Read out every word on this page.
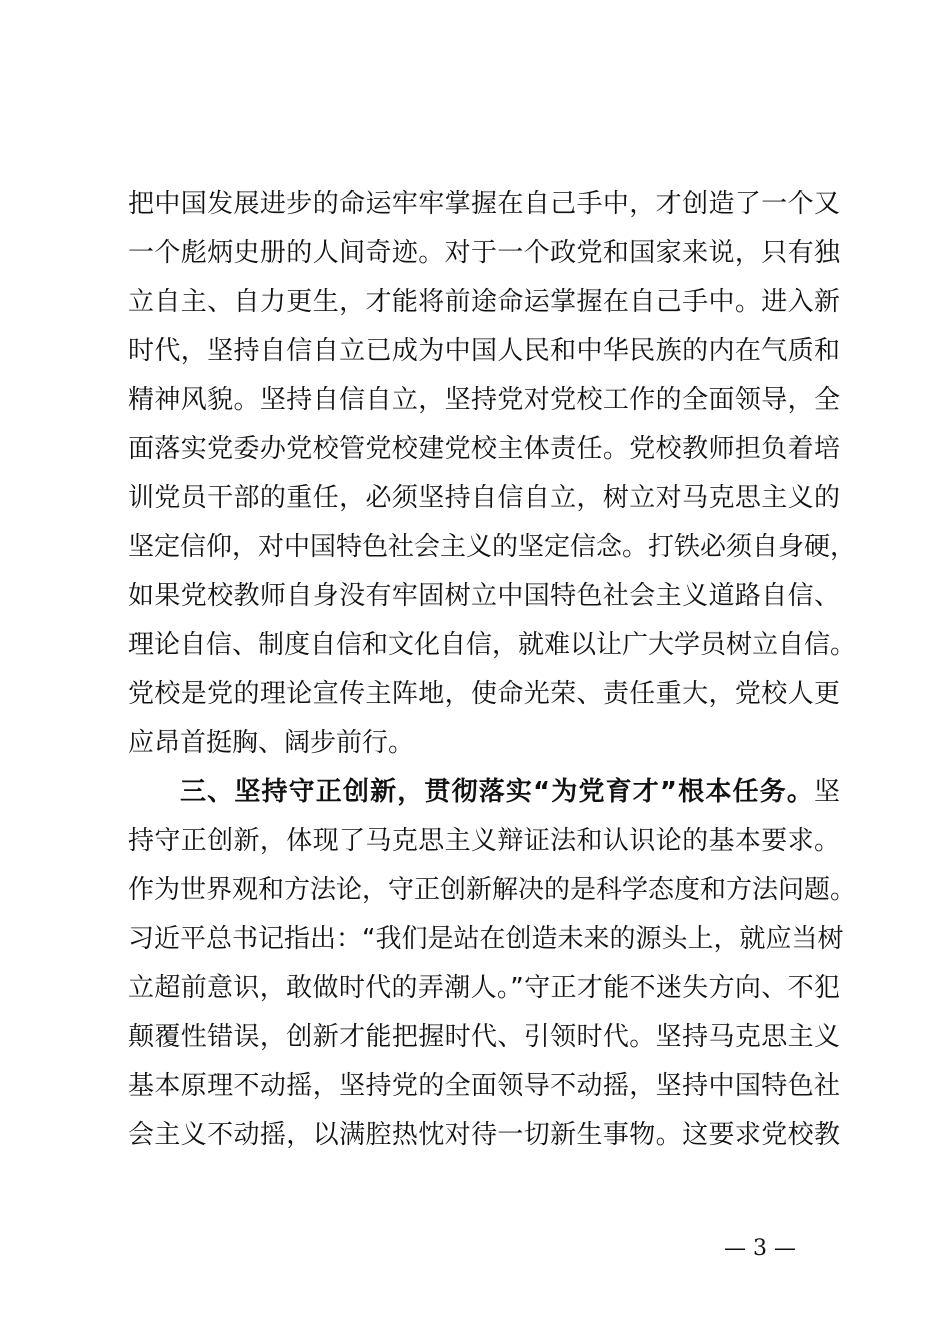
把中国发展进步的命运牢牢掌握在自己手中，才创造了一个又
一个彪炳史册的人间奇迹。对于一个政党和国家来说，只有独
立自主、自力更生，才能将前途命运掌握在自己手中。进入新
时代，坚持自信自立已成为中国人民和中华民族的内在气质和
精神风貌。坚持自信自立，坚持党对党校工作的全面领导，全
面落实党委办党校管党校建党校主体责任。党校教师担负着培
训党员干部的重任，必须坚持自信自立，树立对马克思主义的
坚定信仰，对中国特色社会主义的坚定信念。打铁必须自身硬，
如果党校教师自身没有牢固树立中国特色社会主义道路自信、
理论自信、制度自信和文化自信，就难以让广大学员树立自信。
党校是党的理论宣传主阵地，使命光荣、责任重大，党校人更
应昂首挺胸、阔步前行。
三、坚持守正创新，贯彻落实“为党育才”根本任务。坚
持守正创新，体现了马克思主义辩证法和认识论的基本要求。
作为世界观和方法论，守正创新解决的是科学态度和方法问题。
习近平总书记指出：“我们是站在创造未来的源头上，就应当树
立超前意识，敢做时代的弄潮人。”守正才能不迷失方向、不犯
颠覆性错误，创新才能把握时代、引领时代。坚持马克思主义
基本原理不动摇，坚持党的全面领导不动摇，坚持中国特色社
会主义不动摇，以满腔热忱对待一切新生事物。这要求党校教
— 3 —
